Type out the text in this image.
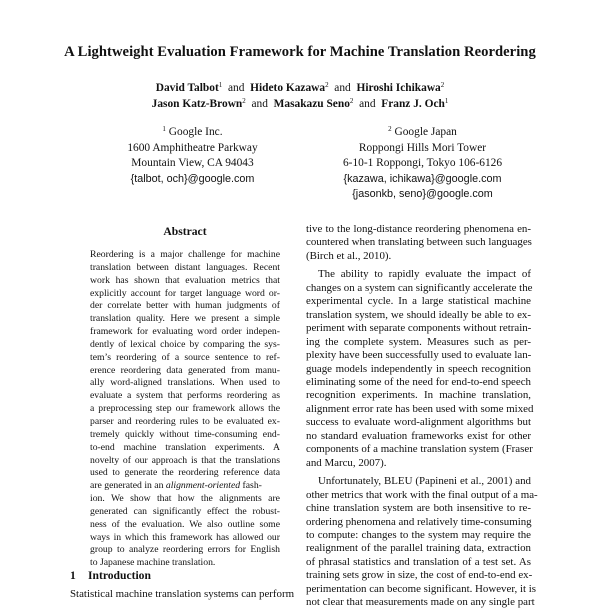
A Lightweight Evaluation Framework for Machine Translation Reordering
David Talbot$^1$ and Hideto Kazawa$^2$ and Hiroshi Ichikawa$^2$
Jason Katz-Brown$^2$ and Masakazu Seno$^2$ and Franz J. Och$^1$
$^1$ Google Inc.
1600 Amphitheatre Parkway
Mountain View, CA 94043
{talbot, och}@google.com
$^2$ Google Japan
Roppongi Hills Mori Tower
6-10-1 Roppongi, Tokyo 106-6126
{kazawa, ichikawa}@google.com
{jasonkb, seno}@google.com
Abstract
Reordering is a major challenge for machine
translation between distant languages. Recent
work has shown that evaluation metrics that
explicitly account for target language word or-
der correlate better with human judgments of
translation quality. Here we present a simple
framework for evaluating word order indepen-
dently of lexical choice by comparing the sys-
tem’s reordering of a source sentence to ref-
erence reordering data generated from manu-
ally word-aligned translations. When used to
evaluate a system that performs reordering as
a preprocessing step our framework allows the
parser and reordering rules to be evaluated ex-
tremely quickly without time-consuming end-
to-end machine translation experiments. A
novelty of our approach is that the translations
used to generate the reordering reference data
are generated in an alignment-oriented fash-
ion. We show that how the alignments are
generated can significantly effect the robust-
ness of the evaluation. We also outline some
ways in which this framework has allowed our
group to analyze reordering errors for English
to Japanese machine translation.
1 Introduction
Statistical machine translation systems can perform
tive to the long-distance reordering phenomena en-
countered when translating between such languages
(Birch et al., 2010).
The ability to rapidly evaluate the impact of
changes on a system can significantly accelerate the
experimental cycle. In a large statistical machine
translation system, we should ideally be able to ex-
periment with separate components without retrain-
ing the complete system. Measures such as per-
plexity have been successfully used to evaluate lan-
guage models independently in speech recognition
eliminating some of the need for end-to-end speech
recognition experiments. In machine translation,
alignment error rate has been used with some mixed
success to evaluate word-alignment algorithms but
no standard evaluation frameworks exist for other
components of a machine translation system (Fraser
and Marcu, 2007).
Unfortunately, BLEU (Papineni et al., 2001) and
other metrics that work with the final output of a ma-
chine translation system are both insensitive to re-
ordering phenomena and relatively time-consuming
to compute: changes to the system may require the
realignment of the parallel training data, extraction
of phrasal statistics and translation of a test set. As
training sets grow in size, the cost of end-to-end ex-
perimentation can become significant. However, it is
not clear that measurements made on any single part
